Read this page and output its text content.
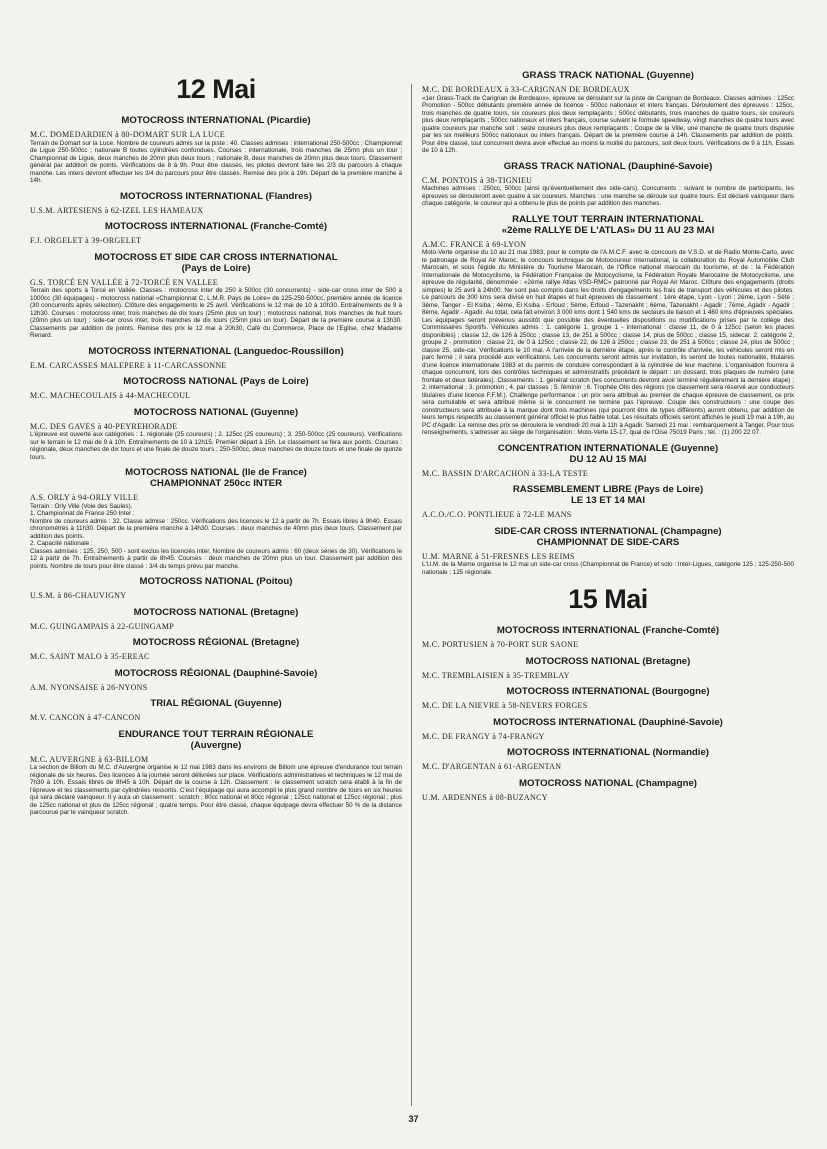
12 Mai
MOTOCROSS INTERNATIONAL (Picardie)
M.C. DOMEDARDIEN à 80-DOMART SUR LA LUCE

Terrain de Domart sur la Luce. Nombre de coureurs admis sur la piste : 40. Classes admises : international 250-500cc ; Championnat de Ligue 250-500cc ; nationale B toutes cylindrées confondues. Courses : internationale, trois manches de 25mn plus un tour ; Championnat de Ligue, deux manches de 20mn plus deux tours ; nationale B, deux manches de 20mn plus deux tours. Classement général par addition de points. Vérifications de 8 à 9h. Pour être classés, les pilotes devront faire les 2/3 du parcours à chaque manche. Les inters devront effectuer les 3/4 du parcours pour être classés. Remise des prix à 19h. Départ de la première manche à 14h.

MOTOCROSS INTERNATIONAL (Flandres)
U.S.M. ARTESIENS à 62-IZEL LES HAMEAUX
MOTOCROSS INTERNATIONAL (Franche-Comté)
F.J. ORGELET à 39-ORGELET
MOTOCROSS ET SIDE CAR CROSS INTERNATIONAL
(Pays de Loire)
G.S. TORCÉ EN VALLÉE à 72-TORCÉ EN VALLEE

Terrain des sports à Torcé en Vallée. Classes : motocross inter de 250 à 500cc (30 concurrents) - side-car cross inter de 500 à 1000cc (30 équipages) - motocross national «Championnat C, L.M.R. Pays de Loire» de 125-250-500cc, première année de licence (30 concurrents après sélection). Clôture des engagements le 25 avril. Vérifications le 12 mai de 10 à 10h30. Entraînements de 9 à 12h30. Courses : motocross inter, trois manches de dix tours (25mn plus un tour) ; motocross national, trois manches de huit tours (20mn plus un tour) ; side-car cross inter, trois manches de dix tours (25mn plus un tour). Départ de la première course à 13h30. Classements par addition de points. Remise des prix le 12 mai à 20h30, Café du Commerce, Place de l'Eglise, chez Madame Renard.

MOTOCROSS INTERNATIONAL (Languedoc-Roussillon)
E.M. CARCASSES MALEPERE à 11-CARCASSONNE
MOTOCROSS NATIONAL (Pays de Loire)
M.C. MACHECOULAIS à 44-MACHECOUL
MOTOCROSS NATIONAL (Guyenne)
M.C. DES GAVES à 40-PEYREHORADE

L'épreuve est ouverte aux catégories : 1. régionale (25 coureurs) ; 2. 125cc (25 coureurs) ; 3. 250-500cc (25 coureurs). Vérifications sur le terrain le 12 mai de 9 à 10h. Entraînements de 10 à 12h15. Premier départ à 15h. Le classement se fera aux points. Courses : régionale, deux manches de dix tours et une finale de douze tours ; 250-500cc, deux manches de douze tours et une finale de quinze tours.

MOTOCROSS NATIONAL (Ile de France)
CHAMPIONNAT 250cc INTER
A.S. ORLY à 94-ORLY VILLE

Terrain : Orly Ville (Voie des Saules).

1. Championnat de France 250 Inter :

Nombre de coureurs admis : 32. Classe admise : 250cc. Vérifications des licences le 12 à partir de 7h. Essais libres à 9h40. Essais chronométrés à 11h30. Départ de la première manche à 14h30. Courses : deux manches de 40mn plus deux tours. Classement par addition des points.

2. Capacité nationale :

Classes admises : 125, 250, 500 - sont exclus les licenciés inter. Nombre de coureurs admis : 60 (deux séries de 30). Vérifications le 12 à partir de 7h. Entraînements à partir de 8h45. Courses : deux manches de 20mn plus un tour. Classement par addition des points. Nombre de tours pour être classé : 3/4 du temps prévu par manche.

MOTOCROSS NATIONAL (Poitou)
U.S.M. à 86-CHAUVIGNY
MOTOCROSS NATIONAL (Bretagne)
M.C. GUINGAMPAIS à 22-GUINGAMP
MOTOCROSS RÉGIONAL (Bretagne)
M.C. SAINT MALO à 35-EREAC
MOTOCROSS RÉGIONAL (Dauphiné-Savoie)
A.M. NYONSAISE à 26-NYONS
TRIAL RÉGIONAL (Guyenne)
M.V. CANCON à 47-CANCON
ENDURANCE TOUT TERRAIN RÉGIONALE
(Auvergne)
M.C. AUVERGNE à 63-BILLOM

La section de Billom du M.C. d'Auvergne organise le 12 mai 1983 dans les environs de Billom une épreuve d'endurance tout terrain régionale de six heures. Des licences à la journée seront délivrées sur place. Vérifications administratives et techniques le 12 mai de 7h30 à 10h. Essais libres de 8h45 à 10h. Départ de la course à 12h. Classement : le classement scratch sera établi à la fin de l'épreuve et les classements par cylindrées ressortis. C'est l'équipage qui aura accompli le plus grand nombre de tours en six heures qui sera déclaré vainqueur. Il y aura un classement : scratch ; 80cc national et 80cc régional ; 125cc national et 125cc régional ; plus de 125cc national et plus de 125cc régional ; quatre temps. Pour être classé, chaque équipage devra effectuer 50 % de la distance parcourue par le vainqueur scratch.

GRASS TRACK NATIONAL (Guyenne)
M.C. DE BORDEAUX à 33-CARIGNAN DE BORDEAUX

«1er Grass-Track de Carignan de Bordeaux», épreuve se déroulant sur la piste de Carignan de Bordeaux. Classes admises : 125cc Promotion - 500cc débutants première année de licence - 500cc nationaux et inters français. Déroulement des épreuves : 125cc, trois manches de quatre tours, six coureurs plus deux remplaçants ; 500cc débutants, trois manches de quatre tours, six coureurs plus deux remplaçants ; 500cc nationaux et inters français, course suivant le formule speedway, vingt manches de quatre tours avec quatre coureurs par manche soit : seize coureurs plus deux remplaçants ; Coupe de la Ville, une manche de quatre tours disputée par les six meilleurs 500cc nationaux ou inters français. Départ de la première course à 14h. Classements par addition de points. Pour être classé, tout concurrent devra avoir effectué au moins la moitié du parcours, soit deux tours. Vérifications de 9 à 11h. Essais de 10 à 12h.

GRASS TRACK NATIONAL (Dauphiné-Savoie)
C.M. PONTOIS à 38-TIGNIEU

Machines admises : 250cc, 500cc (ainsi qu'éventuellement des side-cars). Concurrents : suivant le nombre de participants, les épreuves se dérouleront avec quatre à six coureurs. Manches : une manche se déroule sur quatre tours. Est déclaré vainqueur dans chaque catégorie, le coureur qui a obtenu le plus de points par addition des manches.

RALLYE TOUT TERRAIN INTERNATIONAL
«2ème RALLYE DE L'ATLAS» DU 11 AU 23 MAI
A.M.C. FRANCE à 69-LYON

Moto-Verte organise du 10 au 21 mai 1983, pour le compte de l'A.M.C.F. avec le concours de V.S.D. et de Radio Monte-Carlo, avec le patronage de Royal Air Maroc, le concours technique de Motocoureur International, la collaboration du Royal Automobile Club Marocain, et sous l'égide du Ministère du Tourisme Marocain, de l'Office national marocain du tourisme, et de : la Fédération Internationale de Motocyclisme, la Fédération Française de Motocyclisme, la Fédération Royale Marocaine de Motocyclisme, une épreuve de régularité, dénommée : «2ème rallye Atlas VSD-RMC» patronné par Royal Air Maroc. Clôture des engagements (droits simples) le 25 avril à 24h00. Ne sont pas compris dans les droits d'engagements les frais de transport des véhicules et des pilotes. Le parcours de 300 kms sera divisé en huit étapes et huit épreuves de classement : 1ère étape, Lyon - Lyon ; 2ème, Lyon - Sète ; 3ème, Tanger - El Ksiba ; 4ème, El Ksiba - Erfoud ; 5ème, Erfoud - Tazenakht ; 6ème, Tazenakht - Agadir ; 7ème, Agadir - Agadir ; 8ème, Agadir - Agadir. Au total, cela fait environ 3 000 kms dont 1 540 kms de secteurs de liaison et 1 460 kms d'épreuves spéciales. Les équipages seront prévenus aussitôt que possible des éventuelles dispositions ou modifications prises par le collège des Commissaires Sportifs. Véhicules admis : 1. catégorie 1, groupe 1 - International : classe 11, de 0 à 125cc (selon les places disponibles) ; classe 12, de 126 à 250cc ; classe 13, de 251 à 500cc ; classe 14, plus de 500cc ; classe 15, sidecar. 2. catégorie 2, groupe 2 - promotion : classe 21, de 0 à 125cc ; classe 22, de 126 à 250cc ; classe 23, de 251 à 500cc ; classe 24, plus de 500cc ; classe 25, side-car. Vérifications le 10 mai. A l'arrivée de la dernière étape, après le contrôle d'arrivée, les véhicules seront mis en parc fermé ; il sera procédé aux vérifications. Les concurrents seront admis sur invitation, ils seront de toutes nationalité, titulaires d'une licence internationale 1983 et du permis de conduire correspondant à la cylindrée de leur machine. L'organisation fournira à chaque concurrent, lors des contrôles techniques et administratifs précédant le départ : un dossard, trois plaques de numéro (une frontale et deux latérales). Classements : 1. général scratch (les concurrents devront avoir terminé régulièrement la dernière étape) ; 2. international ; 3. promotion ; 4. par classes ; 5. féminin ; 6. Trophée Otis des régions (ce classement sera réservé aux conducteurs titulaires d'une licence F.F.M.). Challenge performance : un prix sera attribué au premier de chaque épreuve de classement, ce prix sera cumulable et sera attribué même si le concurrent ne termine pas l'épreuve. Coupe des constructeurs : une coupe des constructeurs sera attribuée à la marque dont trois machines (qui pourront être de types différents) auront obtenu, par addition de leurs temps respectifs au classement général officiel le plus faible total. Les résultats officiels seront affichés le jeudi 19 mai à 19h, au PC d'Agadir. La remise des prix se déroulera le vendredi 20 mai à 11h à Agadir. Samedi 21 mai : rembarquement à Tanger. Pour tous renseignements, s'adresser au siège de l'organisation : Moto-Verte 15-17, quai de l'Oise 75019 Paris ; tél. : (1) 200 22 07.

CONCENTRATION INTERNATIONALE (Guyenne)
DU 12 AU 15 MAI
M.C. BASSIN D'ARCACHON à 33-LA TESTE
RASSEMBLEMENT LIBRE (Pays de Loire)
LE 13 ET 14 MAI
A.C.O./C.O. PONTLIEUE à 72-LE MANS
SIDE-CAR CROSS INTERNATIONAL (Champagne)
CHAMPIONNAT DE SIDE-CARS
U.M. MARNE à 51-FRESNES LES REIMS

L'U.M. de la Marne organise le 12 mai un side-car cross (Championnat de France) et solo : Inter-Ligues, catégorie 125 ; 125-250-500 nationale ; 125 régionale.

15 Mai
MOTOCROSS INTERNATIONAL (Franche-Comté)
M.C. PORTUSIEN à 70-PORT SUR SAONE
MOTOCROSS NATIONAL (Bretagne)
M.C. TREMBLAISIEN à 35-TREMBLAY
MOTOCROSS INTERNATIONAL (Bourgogne)
M.C. DE LA NIEVRE à 58-NEVERS FORGES
MOTOCROSS INTERNATIONAL (Dauphiné-Savoie)
M.C. DE FRANGY à 74-FRANGY
MOTOCROSS INTERNATIONAL (Normandie)
M.C. D'ARGENTAN à 61-ARGENTAN
MOTOCROSS NATIONAL (Champagne)
U.M. ARDENNES à 08-BUZANCY
37
